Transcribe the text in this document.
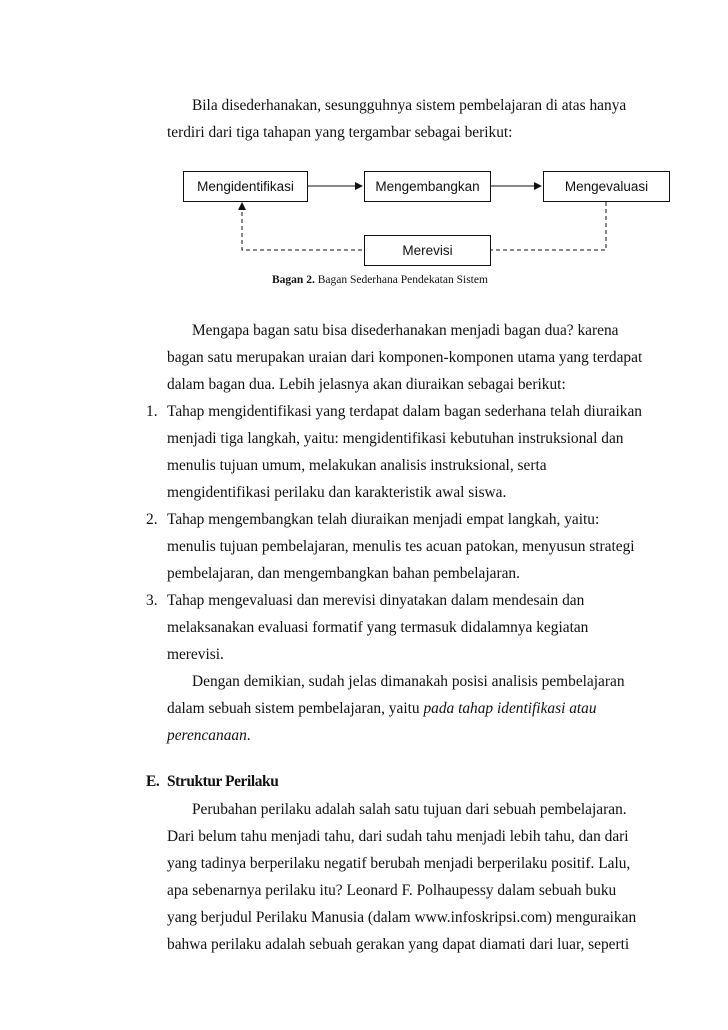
Bila disederhanakan, sesungguhnya sistem pembelajaran di atas hanya
terdiri dari tiga tahapan yang tergambar sebagai berikut:
Mengidentifikasi	Mengembangkan	Mengevaluasi
Merevisi
Bagan 2. Bagan Sederhana Pendekatan Sistem
Mengapa bagan satu bisa disederhanakan menjadi bagan dua? karena
bagan satu merupakan uraian dari komponen-komponen utama yang terdapat
dalam bagan dua. Lebih jelasnya akan diuraikan sebagai berikut:
1. Tahap mengidentifikasi yang terdapat dalam bagan sederhana telah diuraikan
menjadi tiga langkah, yaitu: mengidentifikasi kebutuhan instruksional dan
menulis tujuan umum, melakukan analisis instruksional, serta
mengidentifikasi perilaku dan karakteristik awal siswa.
2. Tahap mengembangkan telah diuraikan menjadi empat langkah, yaitu:
menulis tujuan pembelajaran, menulis tes acuan patokan, menyusun strategi
pembelajaran, dan mengembangkan bahan pembelajaran.
3. Tahap mengevaluasi dan merevisi dinyatakan dalam mendesain dan
melaksanakan evaluasi formatif yang termasuk didalamnya kegiatan
merevisi.
Dengan demikian, sudah jelas dimanakah posisi analisis pembelajaran
dalam sebuah sistem pembelajaran, yaitu pada tahap identifikasi atau
perencanaan.
E. Struktur Perilaku
Perubahan perilaku adalah salah satu tujuan dari sebuah pembelajaran.
Dari belum tahu menjadi tahu, dari sudah tahu menjadi lebih tahu, dan dari
yang tadinya berperilaku negatif berubah menjadi berperilaku positif. Lalu,
apa sebenarnya perilaku itu? Leonard F. Polhaupessy dalam sebuah buku
yang berjudul Perilaku Manusia (dalam www.infoskripsi.com) menguraikan
bahwa perilaku adalah sebuah gerakan yang dapat diamati dari luar, seperti
